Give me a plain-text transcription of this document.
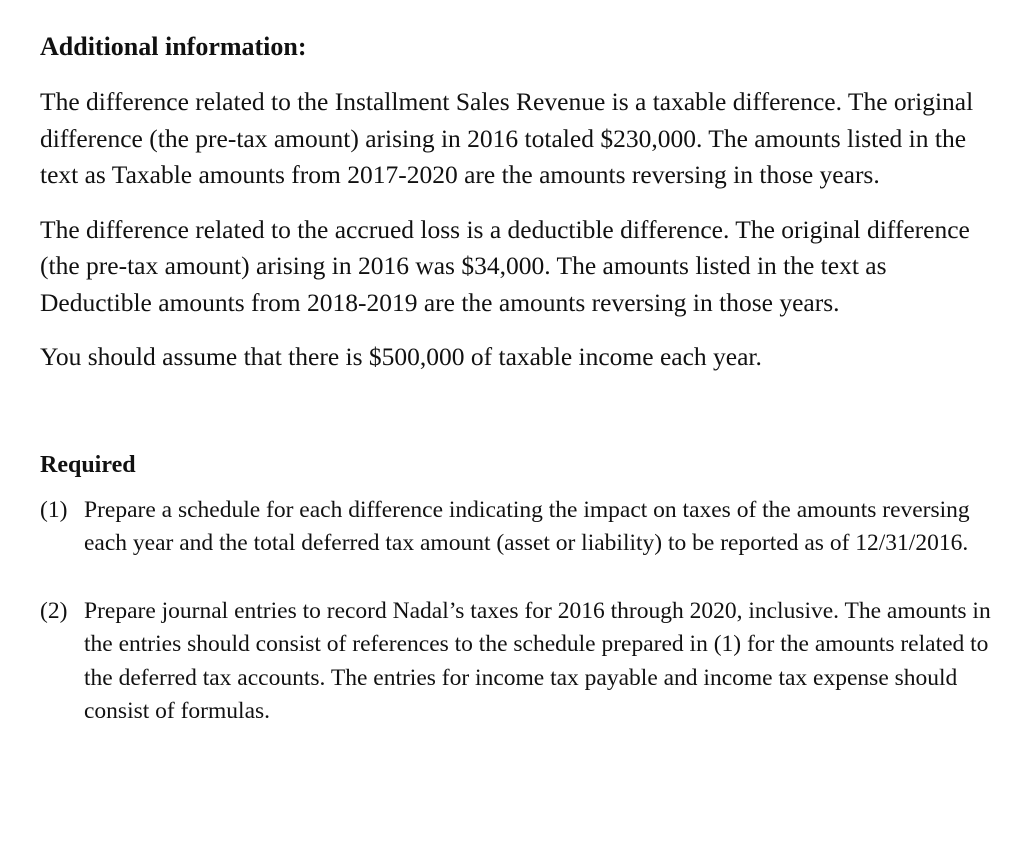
Additional information:

The difference related to the Installment Sales Revenue is a taxable difference. The original difference (the pre-tax amount) arising in 2016 totaled $230,000. The amounts listed in the text as Taxable amounts from 2017-2020 are the amounts reversing in those years.

The difference related to the accrued loss is a deductible difference. The original difference (the pre-tax amount) arising in 2016 was $34,000. The amounts listed in the text as Deductible amounts from 2018-2019 are the amounts reversing in those years.

You should assume that there is $500,000 of taxable income each year.

Required
(1) Prepare a schedule for each difference indicating the impact on taxes of the amounts reversing each year and the total deferred tax amount (asset or liability) to be reported as of 12/31/2016.
(2) Prepare journal entries to record Nadal’s taxes for 2016 through 2020, inclusive. The amounts in the entries should consist of references to the schedule prepared in (1) for the amounts related to the deferred tax accounts. The entries for income tax payable and income tax expense should consist of formulas.
